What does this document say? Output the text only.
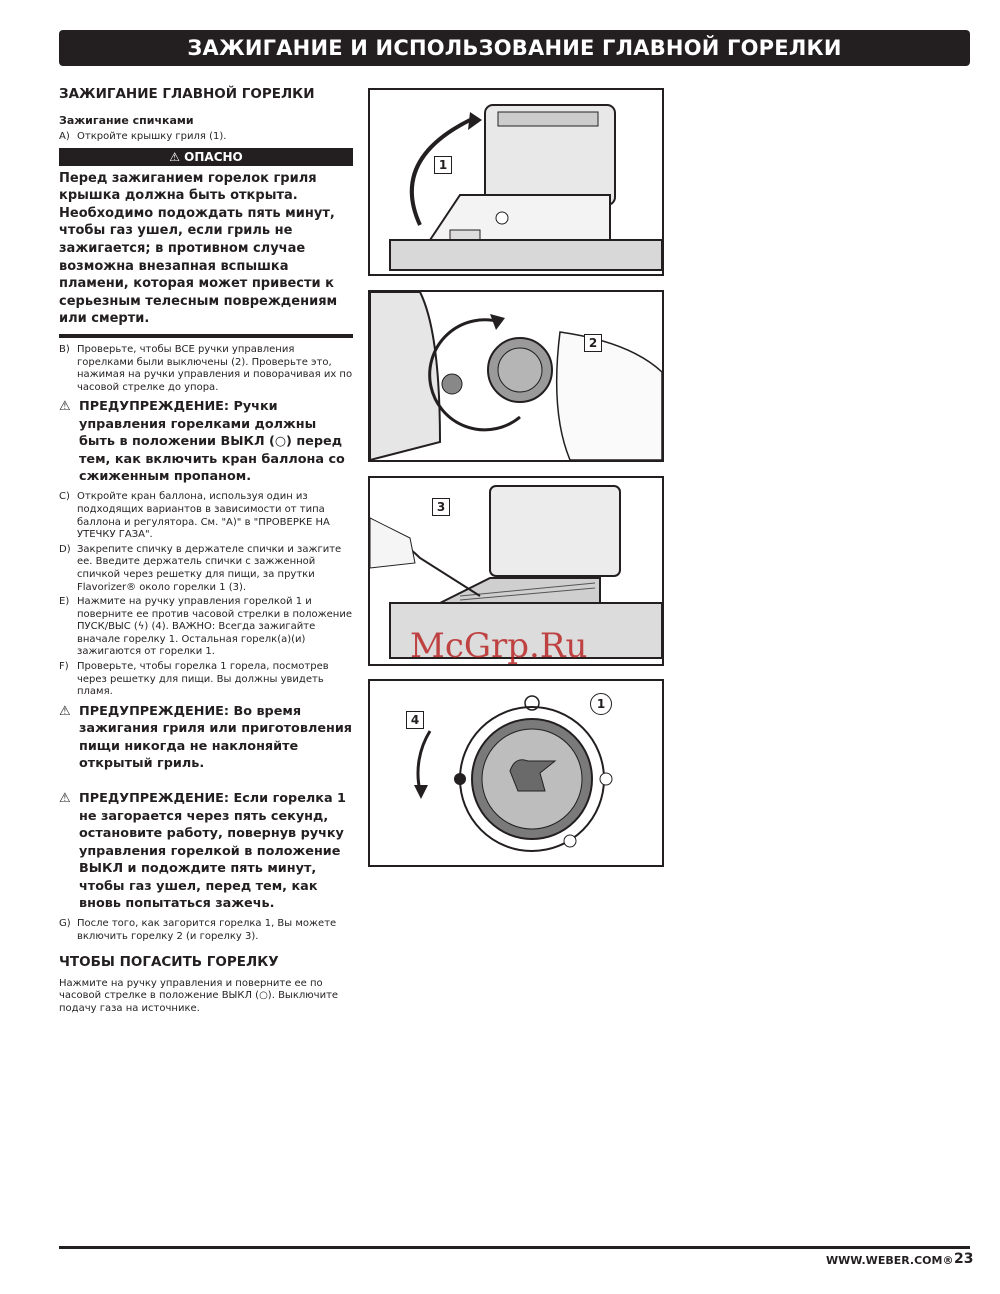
ЗАЖИГАНИЕ И ИСПОЛЬЗОВАНИЕ ГЛАВНОЙ ГОРЕЛКИ
ЗАЖИГАНИЕ ГЛАВНОЙ ГОРЕЛКИ
Зажигание спичками

A) Откройте крышку гриля (1).

⚠ ОПАСНО
Перед зажиганием горелок гриля крышка должна быть открыта. Необходимо подождать пять минут, чтобы газ ушел, если гриль не зажигается; в противном случае возможна внезапная вспышка пламени, которая может привести к серьезным телесным повреждениям или смерти.

B) Проверьте, чтобы ВСЕ ручки управления горелками были выключены (2). Проверьте это, нажимая на ручки управления и поворачивая их по часовой стрелке до упора.

⚠ ПРЕДУПРЕЖДЕНИЕ: Ручки управления горелками должны быть в положении ВЫКЛ (○) перед тем, как включить кран баллона со сжиженным пропаном.

C) Откройте кран баллона, используя один из подходящих вариантов в зависимости от типа баллона и регулятора. См. "A)" в "ПРОВЕРКЕ НА УТЕЧКУ ГАЗА".

D) Закрепите спичку в держателе спички и зажгите ее. Введите держатель спички с зажженной спичкой через решетку для пищи, за прутки Flavorizer® около горелки 1 (3).

E) Нажмите на ручку управления горелкой 1 и поверните ее против часовой стрелки в положение ПУСК/ВЫС (ϟ) (4). ВАЖНО: Всегда зажигайте вначале горелку 1. Остальная горелк(а)(и) зажигаются от горелки 1.

F) Проверьте, чтобы горелка 1 горела, посмотрев через решетку для пищи. Вы должны увидеть пламя.

⚠ ПРЕДУПРЕЖДЕНИЕ: Во время зажигания гриля или приготовления пищи никогда не наклоняйте открытый гриль.
⚠ ПРЕДУПРЕЖДЕНИЕ: Если горелка 1 не загорается через пять секунд, остановите работу, повернув ручку управления горелкой в положение ВЫКЛ и подождите пять минут, чтобы газ ушел, перед тем, как вновь попытаться зажечь.

G) После того, как загорится горелка 1, Вы можете включить горелку 2 (и горелку 3).

ЧТОБЫ ПОГАСИТЬ ГОРЕЛКУ

Нажмите на ручку управления и поверните ее по часовой стрелке в положение ВЫКЛ (○). Выключите подачу газа на источнике.

1
2
3
4
1
McGrp.Ru
WWW.WEBER.COM® 23
